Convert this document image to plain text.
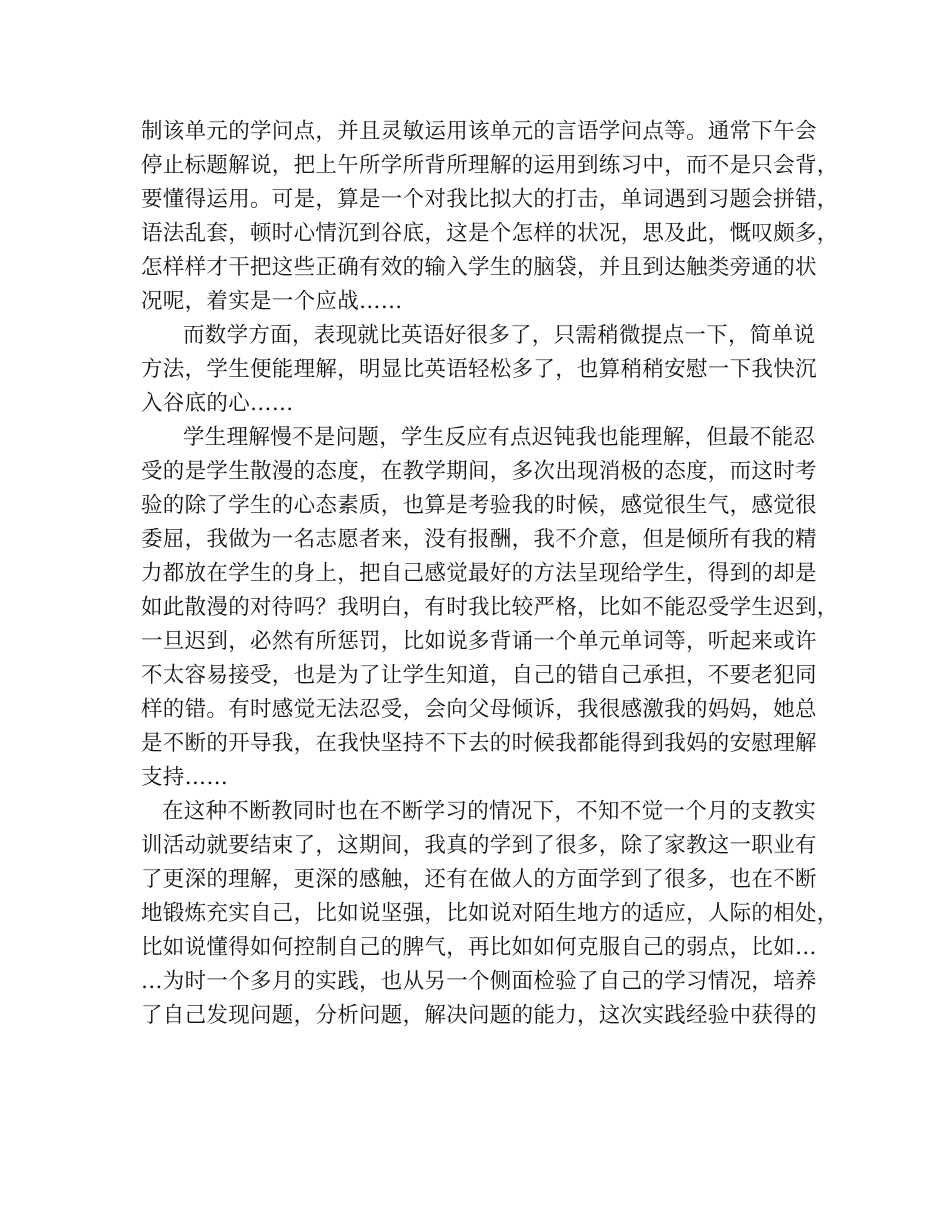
制该单元的学问点，并且灵敏运用该单元的言语学问点等。通常下午会

停止标题解说，把上午所学所背所理解的运用到练习中，而不是只会背，

要懂得运用。可是，算是一个对我比拟大的打击，单词遇到习题会拼错，

语法乱套，顿时心情沉到谷底，这是个怎样的状况，思及此，慨叹颇多，

怎样样才干把这些正确有效的输入学生的脑袋，并且到达触类旁通的状

况呢，着实是一个应战……

而数学方面，表现就比英语好很多了，只需稍微提点一下，简单说

方法，学生便能理解，明显比英语轻松多了，也算稍稍安慰一下我快沉

入谷底的心……

学生理解慢不是问题，学生反应有点迟钝我也能理解，但最不能忍

受的是学生散漫的态度，在教学期间，多次出现消极的态度，而这时考

验的除了学生的心态素质，也算是考验我的时候，感觉很生气，感觉很

委屈，我做为一名志愿者来，没有报酬，我不介意，但是倾所有我的精

力都放在学生的身上，把自己感觉最好的方法呈现给学生，得到的却是

如此散漫的对待吗？我明白，有时我比较严格，比如不能忍受学生迟到，

一旦迟到，必然有所惩罚，比如说多背诵一个单元单词等，听起来或许

不太容易接受，也是为了让学生知道，自己的错自己承担，不要老犯同

样的错。有时感觉无法忍受，会向父母倾诉，我很感激我的妈妈，她总

是不断的开导我，在我快坚持不下去的时候我都能得到我妈的安慰理解

支持……

在这种不断教同时也在不断学习的情况下，不知不觉一个月的支教实

训活动就要结束了，这期间，我真的学到了很多，除了家教这一职业有

了更深的理解，更深的感触，还有在做人的方面学到了很多，也在不断

地锻炼充实自己，比如说坚强，比如说对陌生地方的适应，人际的相处，

比如说懂得如何控制自己的脾气，再比如如何克服自己的弱点，比如…

…为时一个多月的实践，也从另一个侧面检验了自己的学习情况，培养

了自己发现问题，分析问题，解决问题的能力，这次实践经验中获得的
